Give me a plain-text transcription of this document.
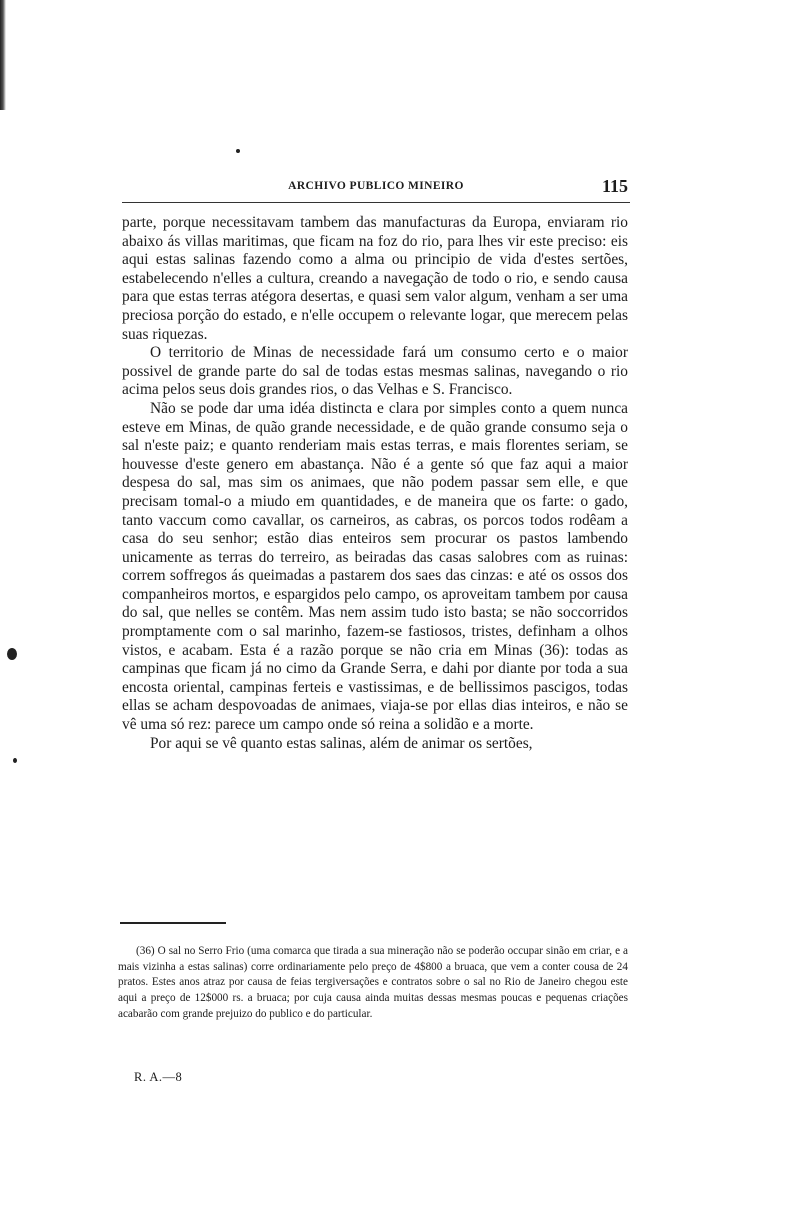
ARCHIVO PUBLICO MINEIRO	115

parte, porque necessitavam tambem das manufacturas da Europa, enviaram rio abaixo ás villas maritimas, que ficam na foz do rio, para lhes vir este preciso: eis aqui estas salinas fazendo como a alma ou principio de vida d'estes sertões, estabelecendo n'elles a cultura, creando a navegação de todo o rio, e sendo causa para que estas terras atégora desertas, e quasi sem valor algum, venham a ser uma preciosa porção do estado, e n'elle occupem o relevante logar, que merecem pelas suas riquezas.

O territorio de Minas de necessidade fará um consumo certo e o maior possivel de grande parte do sal de todas estas mesmas salinas, navegando o rio acima pelos seus dois grandes rios, o das Velhas e S. Francisco.

Não se pode dar uma idéa distincta e clara por simples conto a quem nunca esteve em Minas, de quão grande necessidade, e de quão grande consumo seja o sal n'este paiz; e quanto renderiam mais estas terras, e mais florentes seriam, se houvesse d'este genero em abastança. Não é a gente só que faz aqui a maior despesa do sal, mas sim os animaes, que não podem passar sem elle, e que precisam tomal-o a miudo em quantidades, e de maneira que os farte: o gado, tanto vaccum como cavallar, os carneiros, as cabras, os porcos todos rodêam a casa do seu senhor; estão dias enteiros sem procurar os pastos lambendo unicamente as terras do terreiro, as beiradas das casas salobres com as ruinas: correm soffregos ás queimadas a pastarem dos saes das cinzas: e até os ossos dos companheiros mortos, e espargidos pelo campo, os aproveitam tambem por causa do sal, que nelles se contêm. Mas nem assim tudo isto basta; se não soccorridos promptamente com o sal marinho, fazem-se fastiosos, tristes, definham a olhos vistos, e acabam. Esta é a razão porque se não cria em Minas (36): todas as campinas que ficam já no cimo da Grande Serra, e dahi por diante por toda a sua encosta oriental, campinas ferteis e vastissimas, e de bellissimos pascigos, todas ellas se acham despovoadas de animaes, viaja-se por ellas dias inteiros, e não se vê uma só rez: parece um campo onde só reina a solidão e a morte.

Por aqui se vê quanto estas salinas, além de animar os sertões,

(36) O sal no Serro Frio (uma comarca que tirada a sua mineração não se poderão occupar sinão em criar, e a mais vizinha a estas salinas) corre ordinariamente pelo preço de 4$800 a bruaca, que vem a conter cousa de 24 pratos. Estes anos atraz por causa de feias tergiversações e contratos sobre o sal no Rio de Janeiro chegou este aqui a preço de 12$000 rs. a bruaca; por cuja causa ainda muitas dessas mesmas poucas e pequenas criações acabarão com grande prejuizo do publico e do particular.

R. A.—8
